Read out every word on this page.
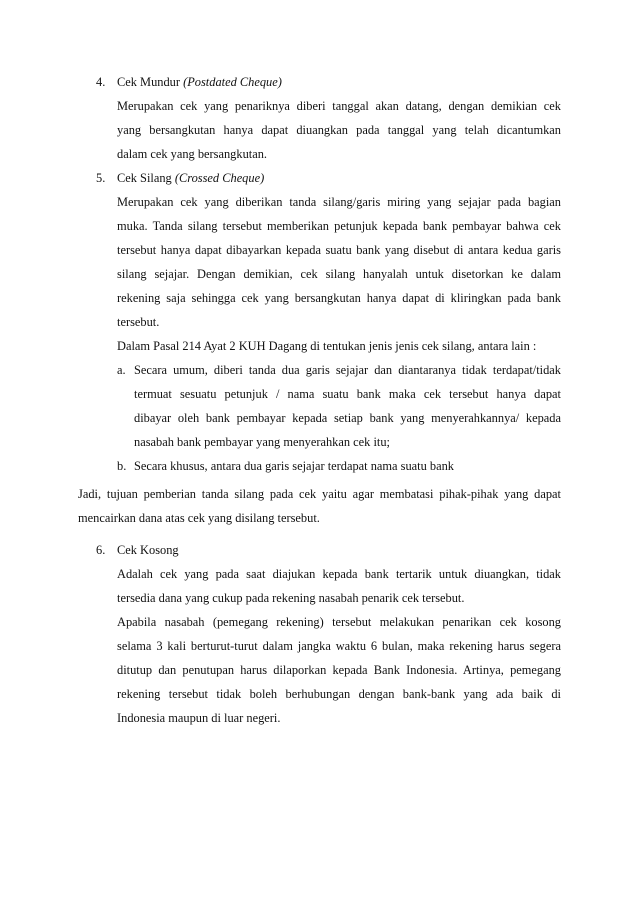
4. Cek Mundur (Postdated Cheque)
Merupakan cek yang penariknya diberi tanggal akan datang, dengan demikian cek
yang bersangkutan hanya dapat diuangkan pada tanggal yang telah dicantumkan
dalam cek yang bersangkutan.
5. Cek Silang (Crossed Cheque)
Merupakan cek yang diberikan tanda silang/garis miring yang sejajar pada bagian
muka. Tanda silang tersebut memberikan petunjuk kepada bank pembayar bahwa cek
tersebut hanya dapat dibayarkan kepada suatu bank yang disebut di antara kedua garis
silang sejajar. Dengan demikian, cek silang hanyalah untuk disetorkan ke dalam
rekening saja sehingga cek yang bersangkutan hanya dapat di kliringkan pada bank
tersebut.
Dalam Pasal 214 Ayat 2 KUH Dagang di tentukan jenis jenis cek silang, antara lain :
a. Secara umum, diberi tanda dua garis sejajar dan diantaranya tidak terdapat/tidak
termuat sesuatu petunjuk / nama suatu bank maka cek tersebut hanya dapat
dibayar oleh bank pembayar kepada setiap bank yang menyerahkannya/ kepada
nasabah bank pembayar yang menyerahkan cek itu;
b. Secara khusus, antara dua garis sejajar terdapat nama suatu bank
Jadi, tujuan pemberian tanda silang pada cek yaitu agar membatasi pihak-pihak yang dapat
mencairkan dana atas cek yang disilang tersebut.
6. Cek Kosong
Adalah cek yang pada saat diajukan kepada bank tertarik untuk diuangkan, tidak
tersedia dana yang cukup pada rekening nasabah penarik cek tersebut.
Apabila nasabah (pemegang rekening) tersebut melakukan penarikan cek kosong
selama 3 kali berturut-turut dalam jangka waktu 6 bulan, maka rekening harus segera
ditutup dan penutupan harus dilaporkan kepada Bank Indonesia. Artinya, pemegang
rekening tersebut tidak boleh berhubungan dengan bank-bank yang ada baik di
Indonesia maupun di luar negeri.
